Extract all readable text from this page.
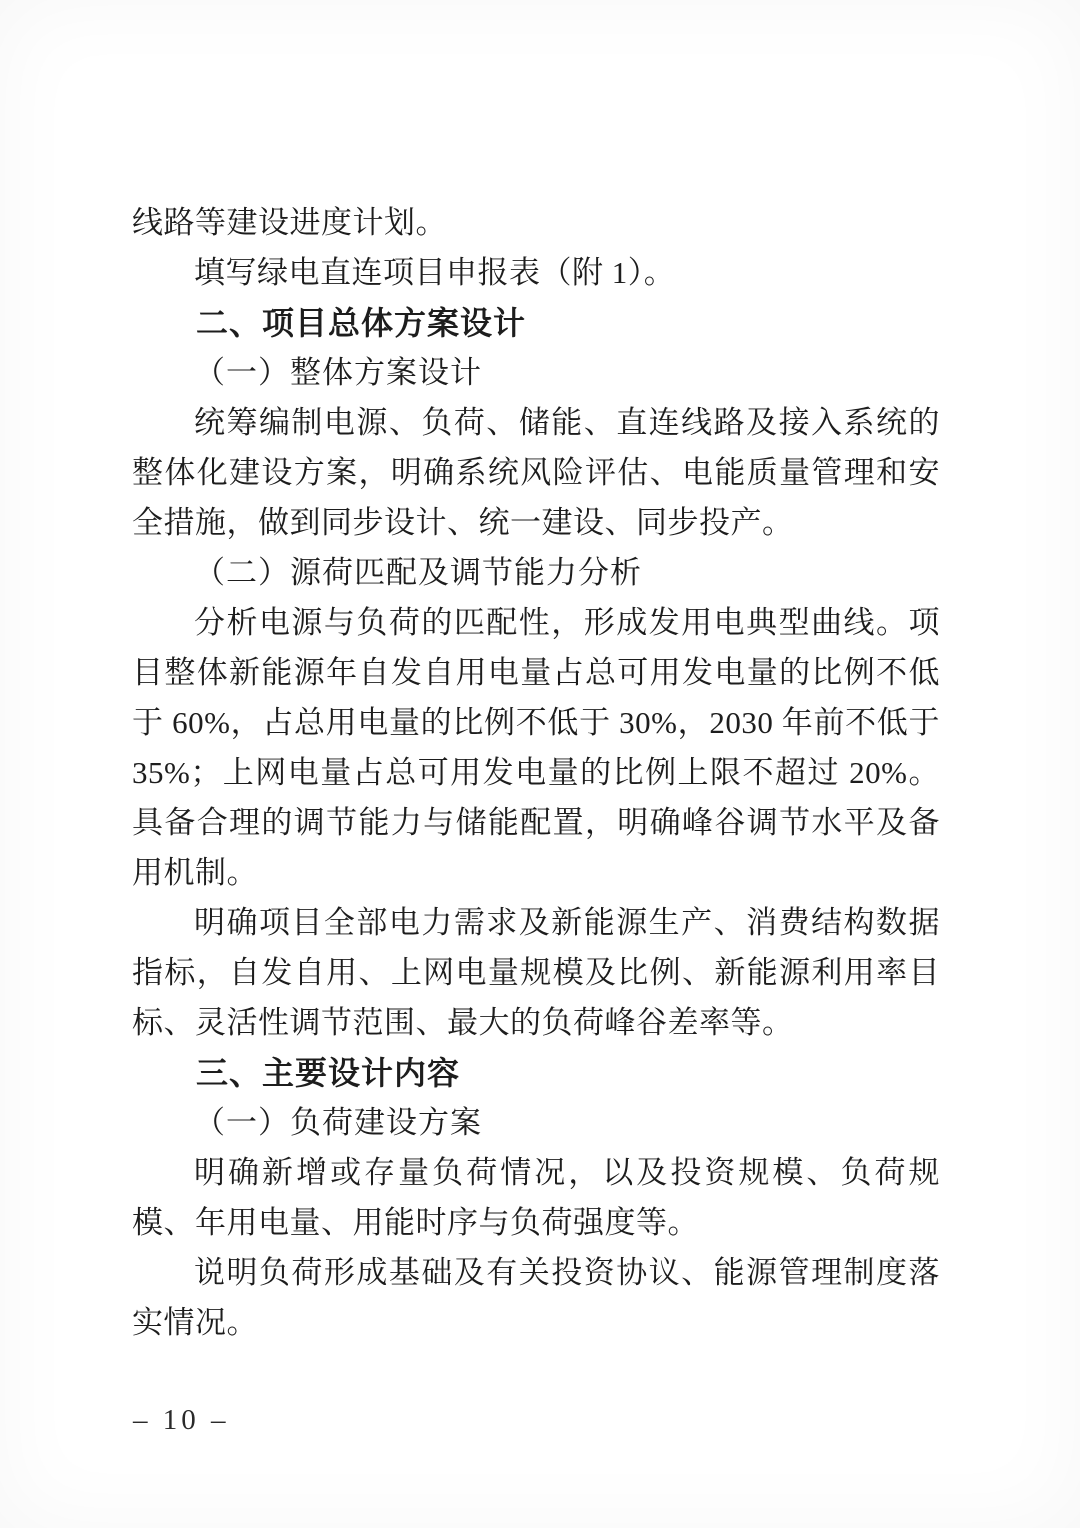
线路等建设进度计划。

填写绿电直连项目申报表（附 1）。

二、项目总体方案设计

（一）整体方案设计

统筹编制电源、负荷、储能、直连线路及接入系统的整体化建设方案，明确系统风险评估、电能质量管理和安全措施，做到同步设计、统一建设、同步投产。

（二）源荷匹配及调节能力分析

分析电源与负荷的匹配性，形成发用电典型曲线。项目整体新能源年自发自用电量占总可用发电量的比例不低于 60%，占总用电量的比例不低于 30%，2030 年前不低于 35%；上网电量占总可用发电量的比例上限不超过 20%。具备合理的调节能力与储能配置，明确峰谷调节水平及备用机制。

明确项目全部电力需求及新能源生产、消费结构数据指标，自发自用、上网电量规模及比例、新能源利用率目标、灵活性调节范围、最大的负荷峰谷差率等。

三、主要设计内容

（一）负荷建设方案

明确新增或存量负荷情况，以及投资规模、负荷规模、年用电量、用能时序与负荷强度等。

说明负荷形成基础及有关投资协议、能源管理制度落实情况。

– 10 –
